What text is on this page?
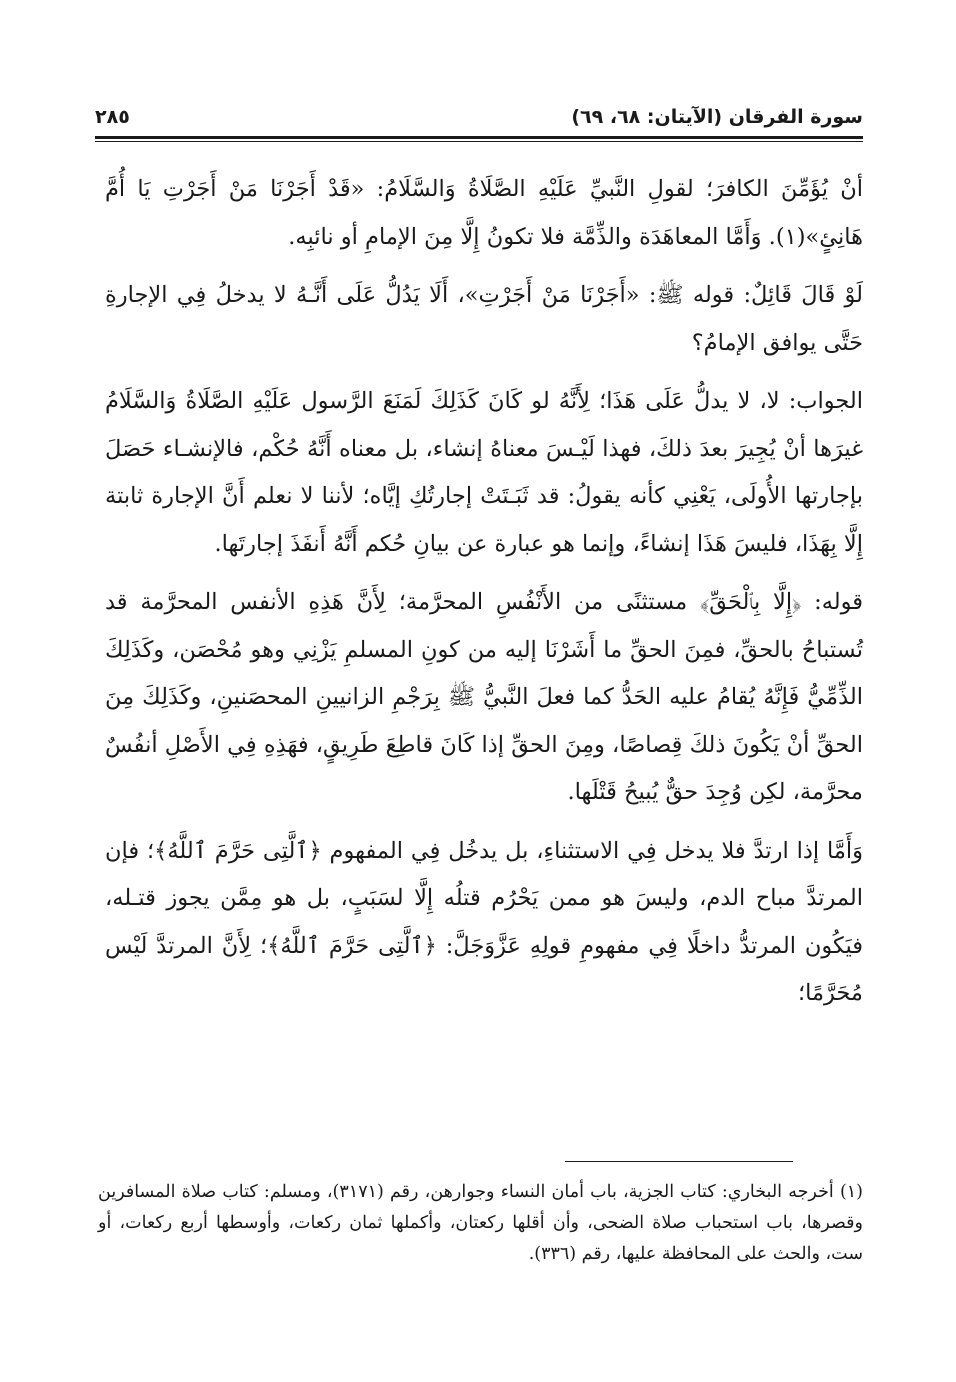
سورة الفرقان (الآيتان: ٦٨، ٦٩)
٢٨٥

أنْ يُؤَمِّنَ الكافرَ؛ لقولِ النَّبيِّ عَلَيْهِ الصَّلَاةُ وَالسَّلَامُ: «قَدْ أَجَرْنَا مَنْ أَجَرْتِ يَا أُمَّ هَانِئٍ»(١). وَأَمَّا المعاهَدَة والذِّمَّة فلا تكونُ إِلَّا مِنَ الإمامِ أو نائبِه.

لَوْ قَالَ قَائِلٌ: قوله ﷺ: «أَجَرْنَا مَنْ أَجَرْتِ»، أَلَا يَدُلُّ عَلَى أَنَّـهُ لا يدخلُ فِي الإجارةِ حَتَّى يوافق الإمامُ؟

الجواب: لا، لا يدلُّ عَلَى هَذَا؛ لِأَنَّهُ لو كَانَ كَذَلِكَ لَمَنَعَ الرَّسول عَلَيْهِ الصَّلَاةُ وَالسَّلَامُ غيرَها أنْ يُجِيرَ بعدَ ذلكَ، فهذا لَيْـسَ معناهُ إنشاء، بل معناه أَنَّهُ حُكْم، فالإنشـاء حَصَلَ بإجارتها الأُولَى، يَعْنِي كأنه يقولُ: قد ثَبَـتَتْ إجارتُكِ إيَّاه؛ لأننا لا نعلم أَنَّ الإجارة ثابتة إِلَّا بِهَذَا، فليسَ هَذَا إنشاءً، وإنما هو عبارة عن بيانِ حُكم أَنَّهُ أَنفَذَ إجارتَها.

قوله: ﴿إِلَّا بِٱلْحَقِّ﴾ مستثنًى من الأَنْفُسِ المحرَّمة؛ لِأَنَّ هَذِهِ الأنفس المحرَّمة قد تُستباحُ بالحقِّ، فمِنَ الحقِّ ما أَشَرْنَا إليه من كونِ المسلمِ يَزْنِي وهو مُحْصَن، وكَذَلِكَ الذِّمِّيُّ فَإِنَّهُ يُقامُ عليه الحَدُّ كما فعلَ النَّبيُّ ﷺ بِرَجْمِ الزانيينِ المحصَنينِ، وكَذَلِكَ مِنَ الحقِّ أنْ يَكُونَ ذلكَ قِصاصًا، ومِنَ الحقِّ إذا كَانَ قاطِعَ طَرِيقٍ، فهَذِهِ فِي الأَصْلِ أنفُسٌ محرَّمة، لكِن وُجِدَ حقٌّ يُبيحُ قَتْلَها.

وَأَمَّا إذا ارتدَّ فلا يدخل فِي الاستثناءِ، بل يدخُل فِي المفهوم ﴿ٱلَّتِى حَرَّمَ ٱللَّهُ﴾؛ فإن المرتدَّ مباح الدم، وليسَ هو ممن يَحْرُم قتلُه إِلَّا لسَبَبٍ، بل هو مِمَّن يجوز قتـله، فيَكُون المرتدُّ داخلًا فِي مفهومِ قولِهِ عَزَّوَجَلَّ: ﴿ٱلَّتِى حَرَّمَ ٱللَّهُ﴾؛ لِأَنَّ المرتدَّ لَيْس مُحَرَّمًا؛

(١) أخرجه البخاري: كتاب الجزية، باب أمان النساء وجوارهن، رقم (٣١٧١)، ومسلم: كتاب صلاة المسافرين وقصرها، باب استحباب صلاة الضحى، وأن أقلها ركعتان، وأكملها ثمان ركعات، وأوسطها أربع ركعات، أو ست، والحث على المحافظة عليها، رقم (٣٣٦).
